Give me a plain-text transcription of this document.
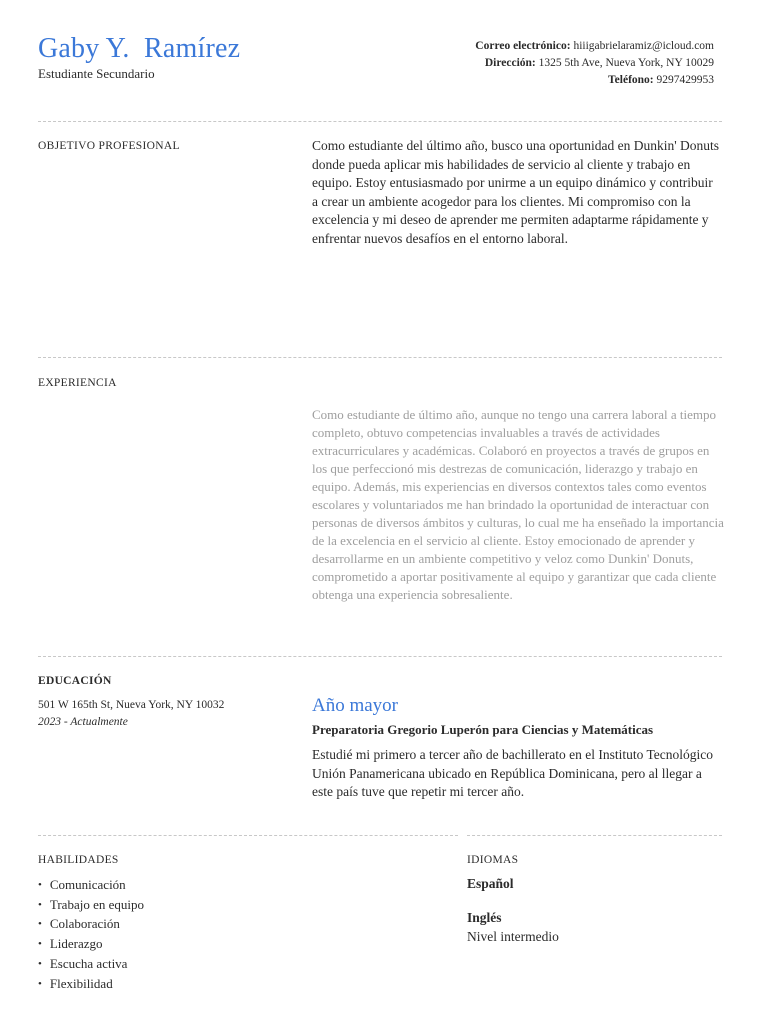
Gaby Y.  Ramírez
Estudiante Secundario
Correo electrónico: hiiigabrielaramiz@icloud.com
Dirección: 1325 5th Ave, Nueva York, NY 10029
Teléfono: 9297429953
OBJETIVO PROFESIONAL	Como estudiante del último año, busco una oportunidad en Dunkin' Donuts donde pueda aplicar mis habilidades de servicio al cliente y trabajo en equipo. Estoy entusiasmado por unirme a un equipo dinámico y contribuir a crear un ambiente acogedor para los clientes. Mi compromiso con la excelencia y mi deseo de aprender me permiten adaptarme rápidamente y enfrentar nuevos desafíos en el entorno laboral.
EXPERIENCIA
Como estudiante de último año, aunque no tengo una carrera laboral a tiempo completo, obtuvo competencias invaluables a través de actividades extracurriculares y académicas. Colaboró en proyectos a través de grupos en los que perfeccionó mis destrezas de comunicación, liderazgo y trabajo en equipo. Además, mis experiencias en diversos contextos tales como eventos escolares y voluntariados me han brindado la oportunidad de interactuar con personas de diversos ámbitos y culturas, lo cual me ha enseñado la importancia de la excelencia en el servicio al cliente. Estoy emocionado de aprender y desarrollarme en un ambiente competitivo y veloz como Dunkin' Donuts, comprometido a aportar positivamente al equipo y garantizar que cada cliente obtenga una experiencia sobresaliente.
EDUCACIÓN
501 W 165th St, Nueva York, NY 10032
2023 - Actualmente
Año mayor
Preparatoria Gregorio Luperón para Ciencias y Matemáticas
Estudié mi primero a tercer año de bachillerato en el Instituto Tecnológico Unión Panamericana ubicado en República Dominicana, pero al llegar a este país tuve que repetir mi tercer año.
HABILIDADES
• Comunicación
• Trabajo en equipo
• Colaboración
• Liderazgo
• Escucha activa
• Flexibilidad
IDIOMAS
Español
Inglés
Nivel intermedio
